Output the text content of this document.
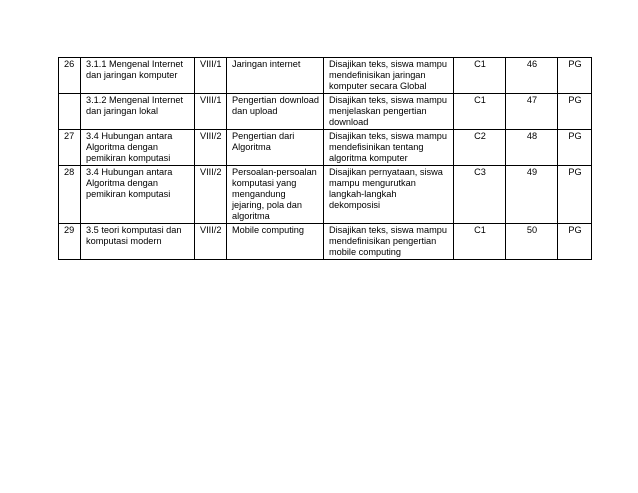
26	3.1.1 Mengenal Internet dan jaringan komputer	VIII/1	Jaringan internet	Disajikan teks, siswa mampu mendefinisikan jaringan komputer secara Global	C1	46	PG
	3.1.2 Mengenal Internet dan jaringan lokal	VIII/1	Pengertian download dan upload	Disajikan teks, siswa mampu menjelaskan pengertian download	C1	47	PG
27	3.4 Hubungan antara Algoritma dengan pemikiran komputasi	VIII/2	Pengertian dari Algoritma	Disajikan teks, siswa mampu mendefisinikan tentang algoritma komputer	C2	48	PG
28	3.4 Hubungan antara Algoritma dengan pemikiran komputasi	VIII/2	Persoalan-persoalan komputasi yang mengandung jejaring, pola dan algoritma	Disajikan pernyataan, siswa mampu mengurutkan langkah-langkah dekomposisi	C3	49	PG
29	3.5 teori komputasi dan komputasi modern	VIII/2	Mobile computing	Disajikan teks, siswa mampu mendefinisikan pengertian mobile computing	C1	50	PG
